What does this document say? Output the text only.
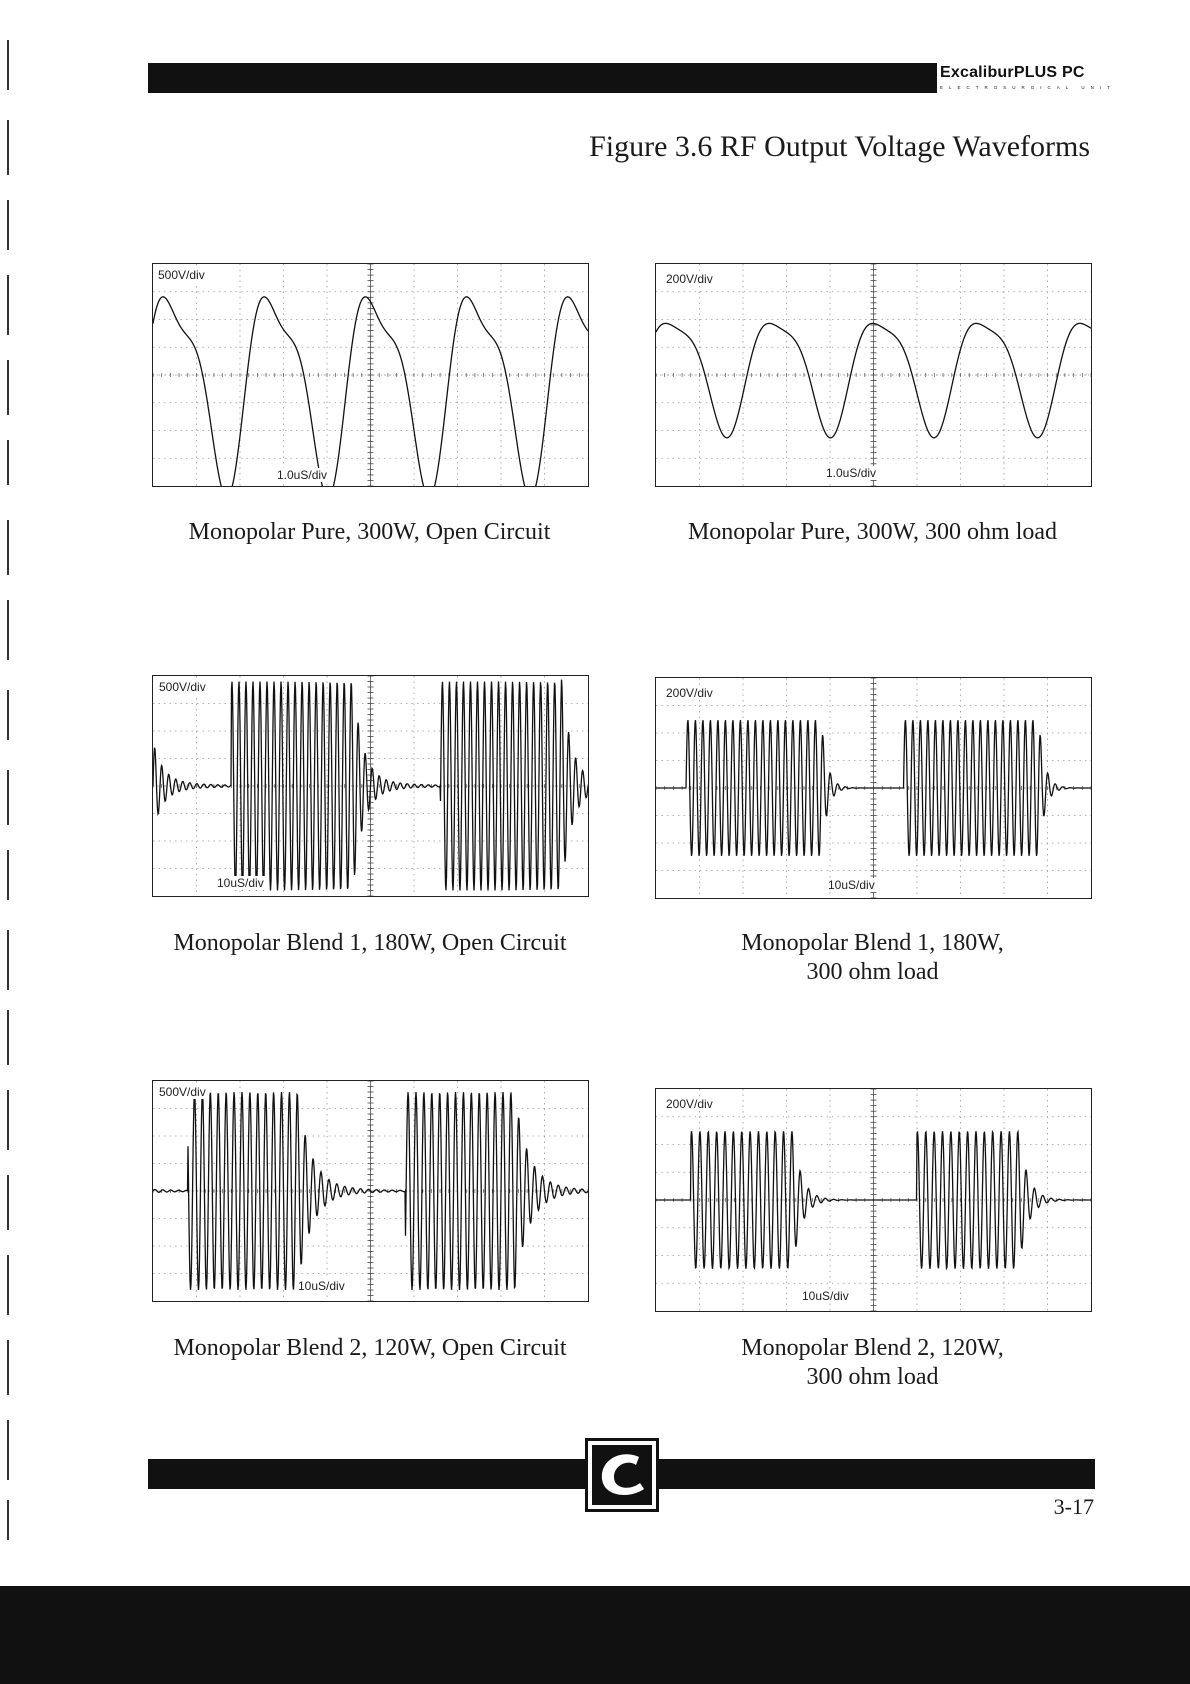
ExcaliburPLUS PC
ELECTROSURGICAL UNIT
Figure 3.6 RF Output Voltage Waveforms
500V/div
1.0uS/div
Monopolar Pure, 300W, Open Circuit
200V/div
1.0uS/div
Monopolar Pure, 300W, 300 ohm load
500V/div
10uS/div
Monopolar Blend 1, 180W, Open Circuit
200V/div
10uS/div
Monopolar Blend 1, 180W,
300 ohm load
500V/div
10uS/div
Monopolar Blend 2, 120W, Open Circuit
200V/div
10uS/div
Monopolar Blend 2, 120W,
300 ohm load
3-17
